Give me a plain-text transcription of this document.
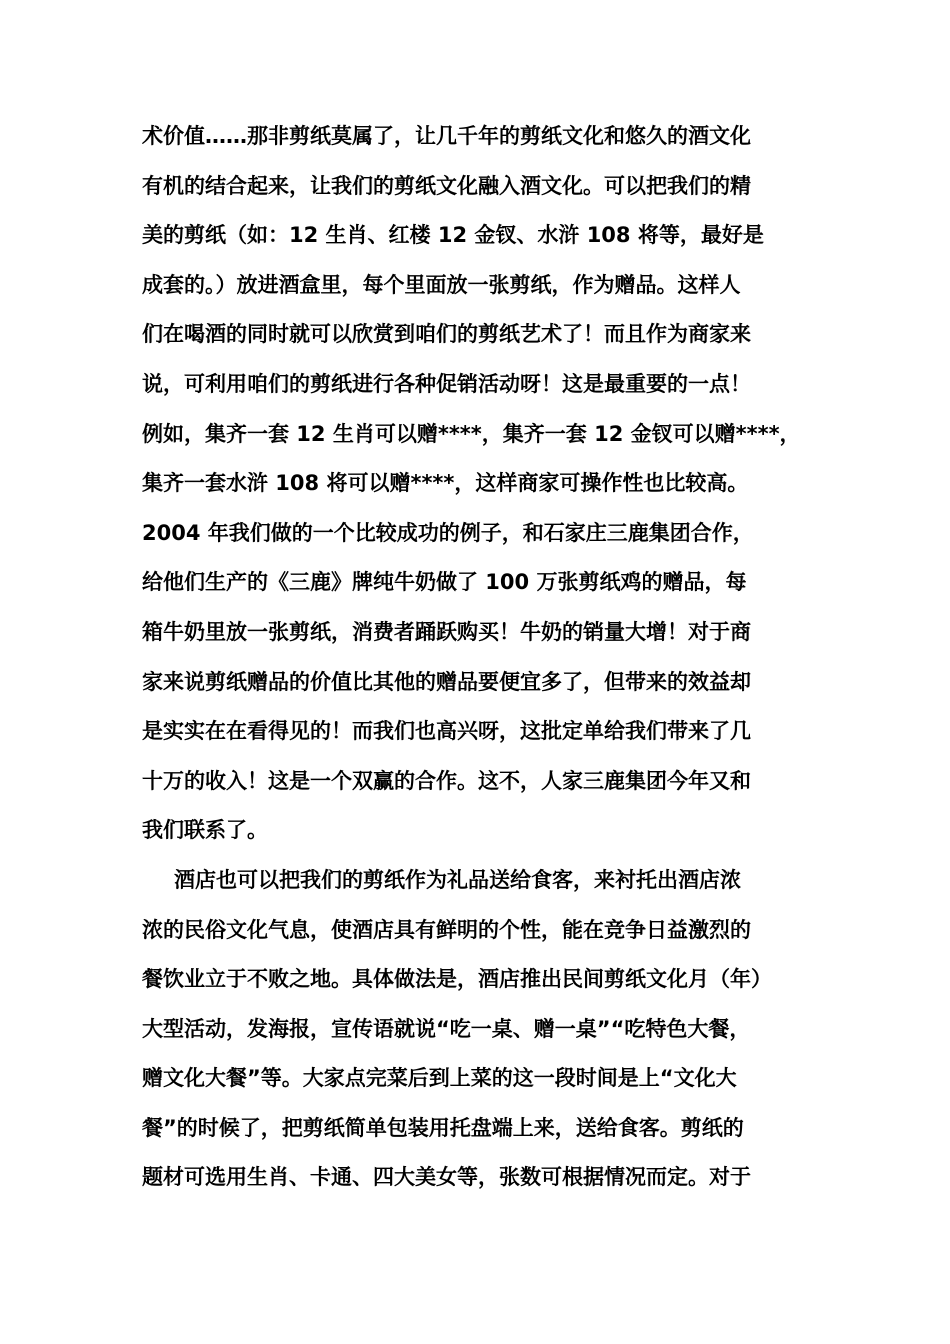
术价值……那非剪纸莫属了，让几千年的剪纸文化和悠久的酒文化
有机的结合起来，让我们的剪纸文化融入酒文化。可以把我们的精
美的剪纸（如：12 生肖、红楼 12 金钗、水浒 108 将等，最好是
成套的。）放进酒盒里，每个里面放一张剪纸，作为赠品。这样人
们在喝酒的同时就可以欣赏到咱们的剪纸艺术了！而且作为商家来
说，可利用咱们的剪纸进行各种促销活动呀！这是最重要的一点！
例如，集齐一套 12 生肖可以赠****，集齐一套 12 金钗可以赠****，
集齐一套水浒 108 将可以赠****，这样商家可操作性也比较高。
2004 年我们做的一个比较成功的例子，和石家庄三鹿集团合作，
给他们生产的《三鹿》牌纯牛奶做了 100 万张剪纸鸡的赠品，每
箱牛奶里放一张剪纸，消费者踊跃购买！牛奶的销量大增！对于商
家来说剪纸赠品的价值比其他的赠品要便宜多了，但带来的效益却
是实实在在看得见的！而我们也高兴呀，这批定单给我们带来了几
十万的收入！这是一个双赢的合作。这不，人家三鹿集团今年又和
我们联系了。
酒店也可以把我们的剪纸作为礼品送给食客，来衬托出酒店浓
浓的民俗文化气息，使酒店具有鲜明的个性，能在竞争日益激烈的
餐饮业立于不败之地。具体做法是，酒店推出民间剪纸文化月（年）
大型活动，发海报，宣传语就说“吃一桌、赠一桌”“吃特色大餐，
赠文化大餐”等。大家点完菜后到上菜的这一段时间是上“文化大
餐”的时候了，把剪纸简单包装用托盘端上来，送给食客。剪纸的
题材可选用生肖、卡通、四大美女等，张数可根据情况而定。对于
